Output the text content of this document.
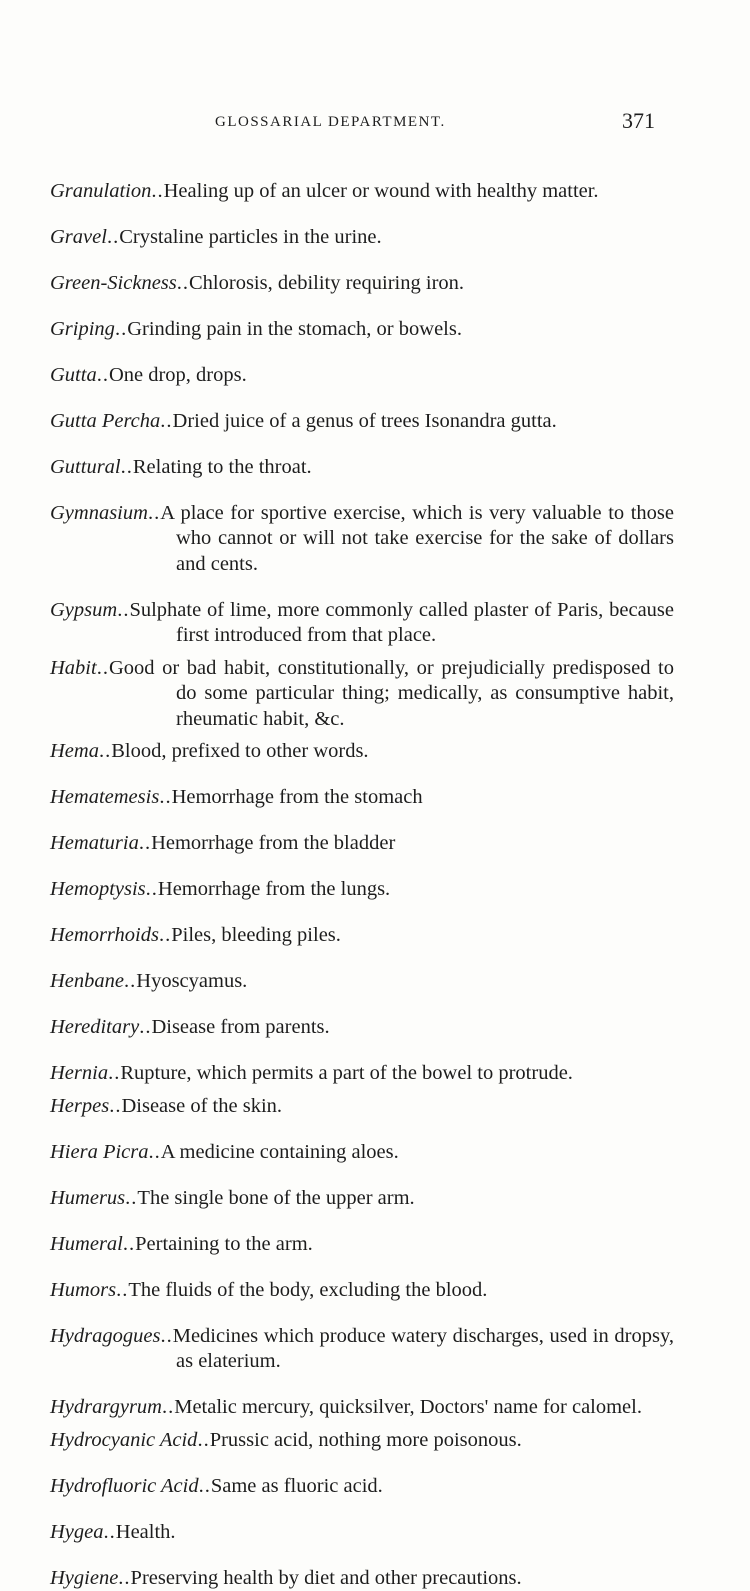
GLOSSARIAL DEPARTMENT.	371

Granulation..Healing up of an ulcer or wound with healthy matter.

Gravel..Crystaline particles in the urine.

Green-Sickness..Chlorosis, debility requiring iron.

Griping..Grinding pain in the stomach, or bowels.

Gutta..One drop, drops.

Gutta Percha..Dried juice of a genus of trees Isonandra gutta.

Guttural..Relating to the throat.

Gymnasium..A place for sportive exercise, which is very valuable to those who cannot or will not take exercise for the sake of dollars and cents.

Gypsum..Sulphate of lime, more commonly called plaster of Paris, because first introduced from that place.

Habit..Good or bad habit, constitutionally, or prejudicially predisposed to do some particular thing; medically, as consumptive habit, rheumatic habit, &c.

Hema..Blood, prefixed to other words.

Hematemesis..Hemorrhage from the stomach

Hematuria..Hemorrhage from the bladder

Hemoptysis..Hemorrhage from the lungs.

Hemorrhoids..Piles, bleeding piles.

Henbane..Hyoscyamus.

Hereditary..Disease from parents.

Hernia..Rupture, which permits a part of the bowel to protrude.

Herpes..Disease of the skin.

Hiera Picra..A medicine containing aloes.

Humerus..The single bone of the upper arm.

Humeral..Pertaining to the arm.

Humors..The fluids of the body, excluding the blood.

Hydragogues..Medicines which produce watery discharges, used in dropsy, as elaterium.

Hydrargyrum..Metalic mercury, quicksilver, Doctors' name for calomel.

Hydrocyanic Acid..Prussic acid, nothing more poisonous.

Hydrofluoric Acid..Same as fluoric acid.

Hygea..Health.

Hygiene..Preserving health by diet and other precautions.
